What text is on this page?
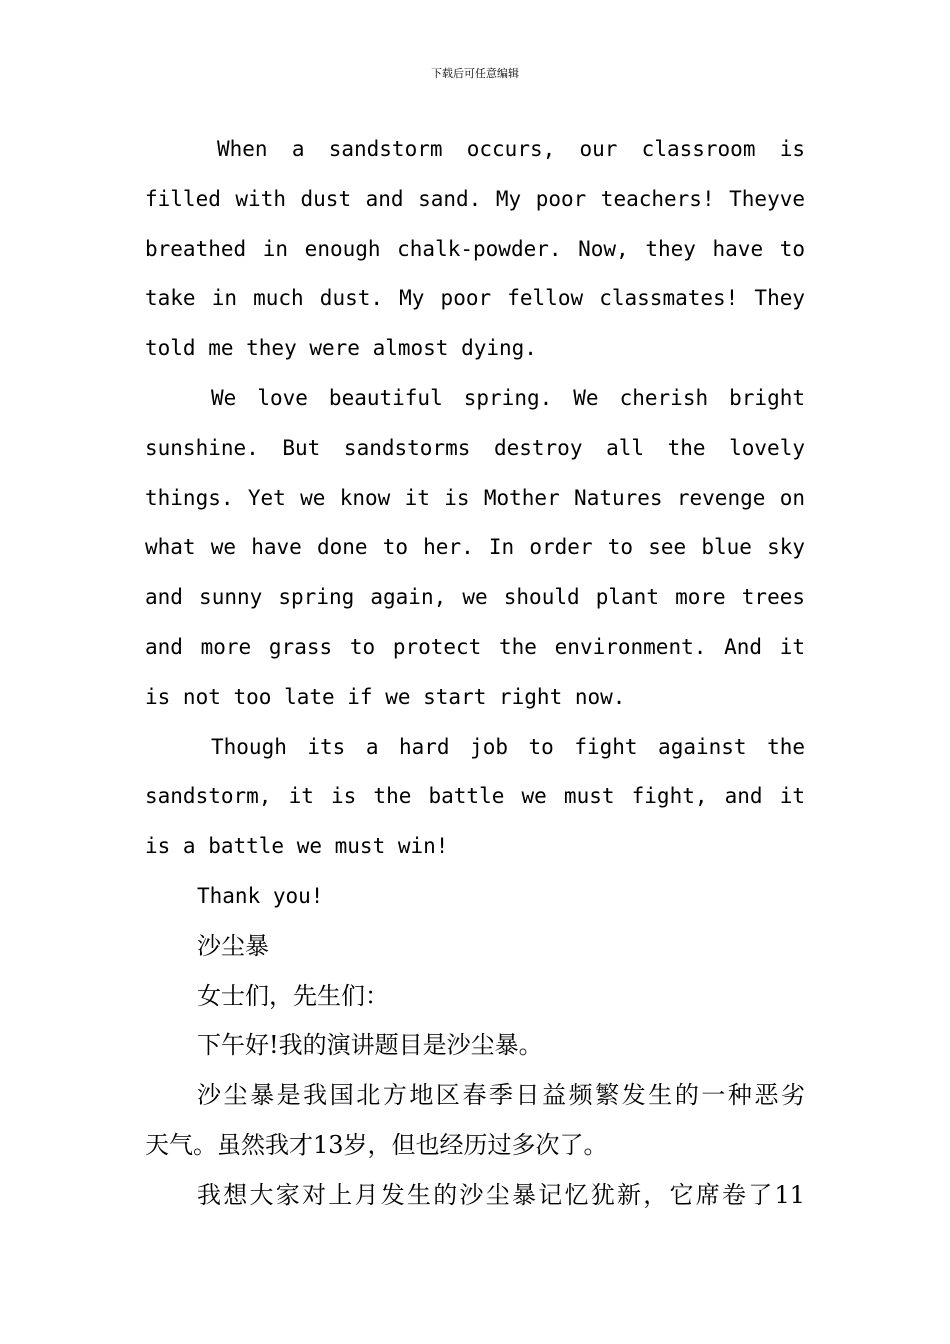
下载后可任意编辑
When a sandstorm occurs, our classroom is
filled with dust and sand. My poor teachers! Theyve
breathed in enough chalk-powder. Now, they have to
take in much dust. My poor fellow classmates! They
told me they were almost dying.
We love beautiful spring. We cherish bright
sunshine. But sandstorms destroy all the lovely
things. Yet we know it is Mother Natures revenge on
what we have done to her. In order to see blue sky
and sunny spring again, we should plant more trees
and more grass to protect the environment. And it
is not too late if we start right now.
Though its a hard job to fight against the
sandstorm, it is the battle we must fight, and it
is a battle we must win!
Thank you!
沙尘暴
女士们，先生们：
下午好!我的演讲题目是沙尘暴。
沙尘暴是我国北方地区春季日益频繁发生的一种恶劣
天气。虽然我才13岁，但也经历过多次了。
我想大家对上月发生的沙尘暴记忆犹新，它席卷了11
